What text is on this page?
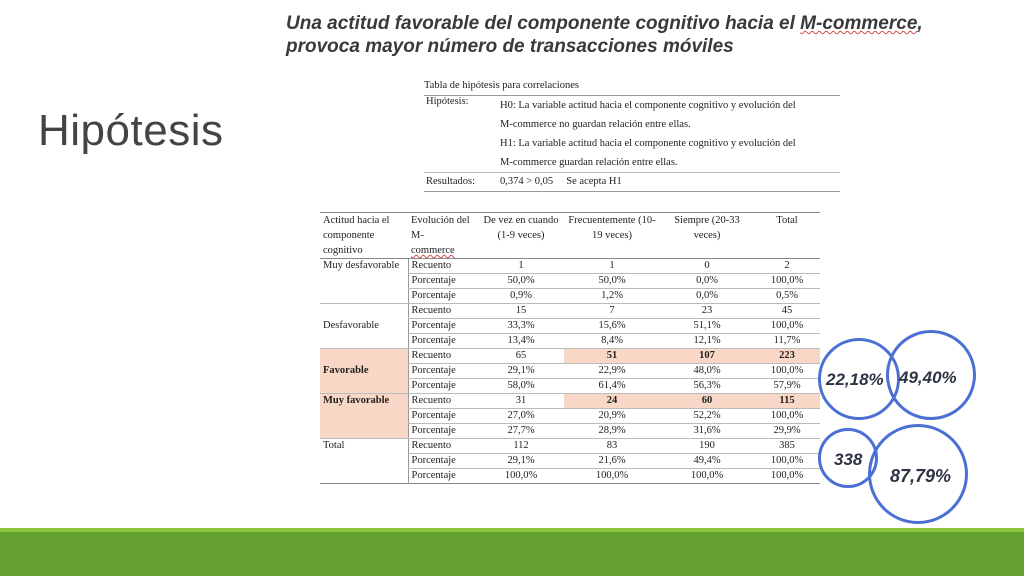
Hipótesis
Una actitud favorable del componente cognitivo hacia el M-commerce,
provoca mayor número de transacciones móviles
Tabla de hipótesis para correlaciones
Hipótesis:	H0: La variable actitud hacia el componente cognitivo y evolución del
M-commerce no guardan relación entre ellas.
H1: La variable actitud hacia el componente cognitivo y evolución del
M-commerce guardan relación entre ellas.

Resultados:	0,374 > 0,05     Se acepta H1
Actitud hacia el componente cognitivo	Evolución del M-
commerce	De vez en cuando (1-9 veces)	Frecuentemente (10-19 veces)	Siempre (20-33 veces)	Total
Muy desfavorable	Recuento	1	1	0	2
	Porcentaje	50,0%	50,0%	0,0%	100,0%
	Porcentaje	0,9%	1,2%	0,0%	0,5%
Desfavorable	Recuento	15	7	23	45
	Porcentaje	33,3%	15,6%	51,1%	100,0%
	Porcentaje	13,4%	8,4%	12,1%	11,7%
Favorable	Recuento	65	51	107	223
	Porcentaje	29,1%	22,9%	48,0%	100,0%
	Porcentaje	58,0%	61,4%	56,3%	57,9%
Muy favorable	Recuento	31	24	60	115
	Porcentaje	27,0%	20,9%	52,2%	100,0%
	Porcentaje	27,7%	28,9%	31,6%	29,9%
Total	Recuento	112	83	190	385
	Porcentaje	29,1%	21,6%	49,4%	100,0%
	Porcentaje	100,0%	100,0%	100,0%	100,0%
22,18% 49,40%
338
87,79%
